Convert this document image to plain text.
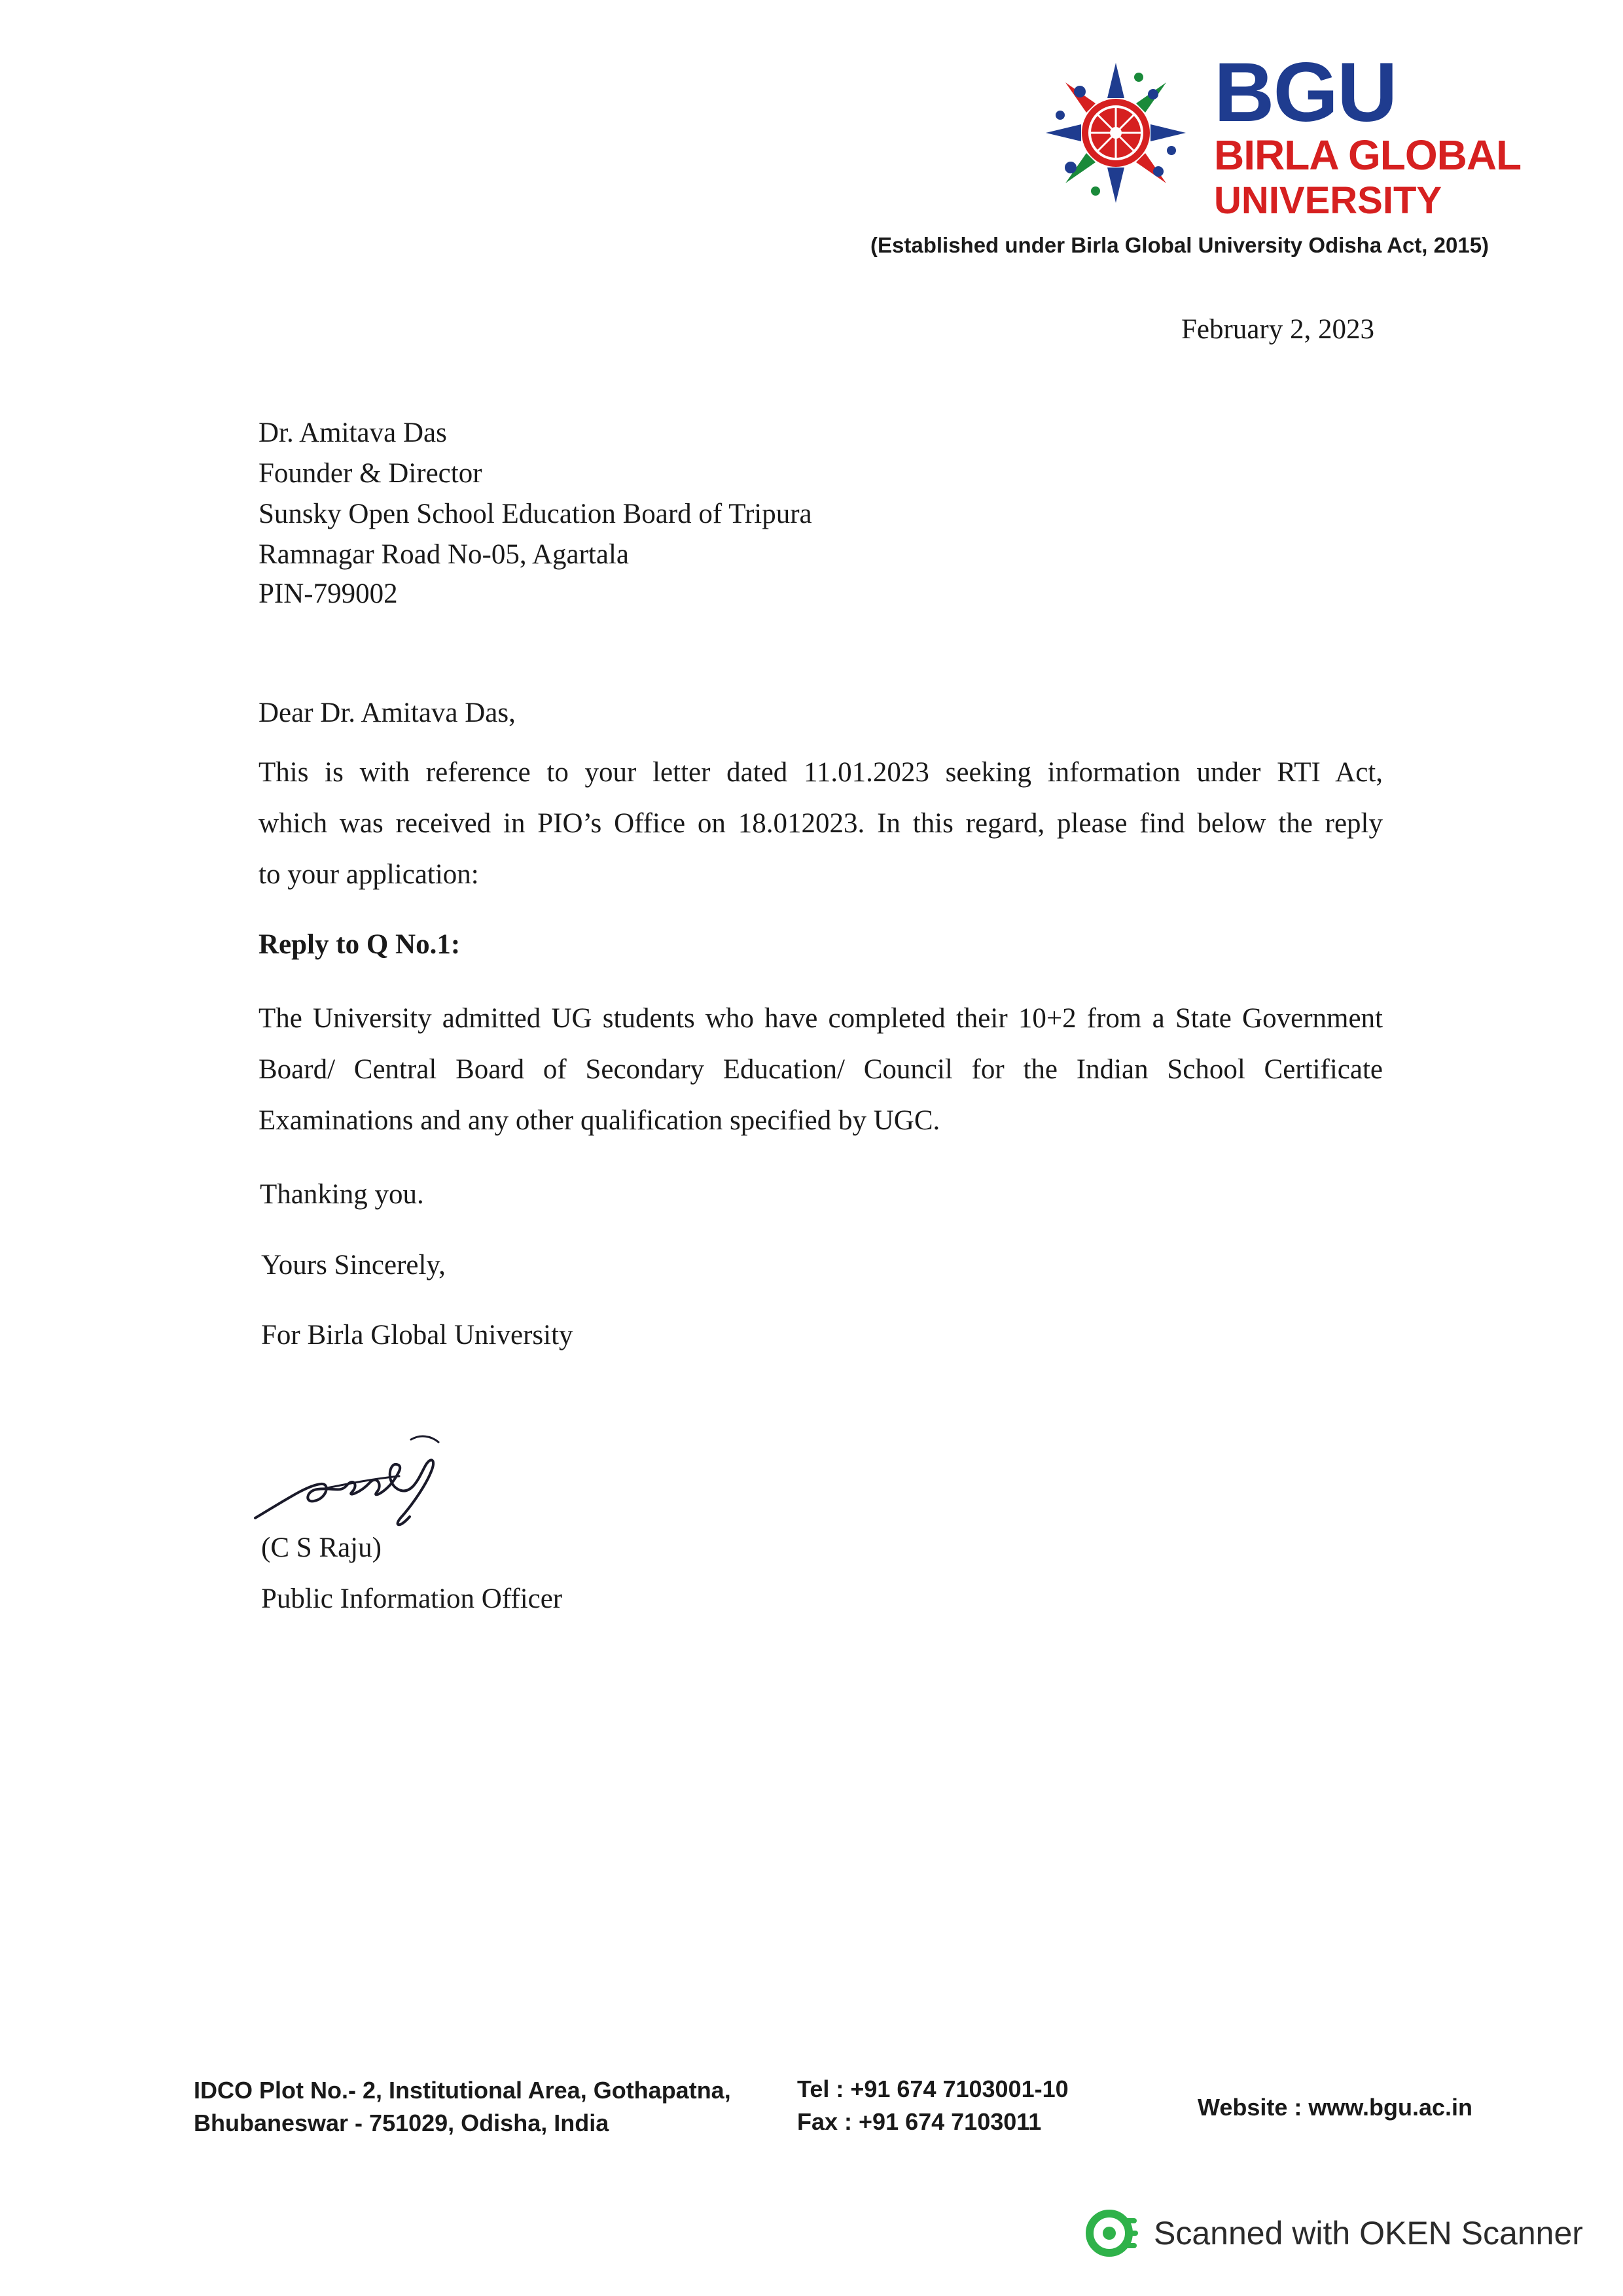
BGU
BIRLA GLOBAL
UNIVERSITY
(Established under Birla Global University Odisha Act, 2015)
February 2, 2023
Dr. Amitava Das
Founder & Director
Sunsky Open School Education Board of Tripura
Ramnagar Road No-05, Agartala
PIN-799002
Dear Dr. Amitava Das,
This is with reference to your letter dated 11.01.2023 seeking information under RTI Act,
which was received in PIO’s Office on 18.012023. In this regard, please find below the reply
to your application:
Reply to Q No.1:
The University admitted UG students who have completed their 10+2 from a State Government
Board/ Central Board of Secondary Education/ Council for the Indian School Certificate
Examinations and any other qualification specified by UGC.
Thanking you.
Yours Sincerely,
For Birla Global University
(C S Raju)
Public Information Officer
IDCO Plot No.- 2, Institutional Area, Gothapatna,
Bhubaneswar - 751029, Odisha, India
Tel : +91 674 7103001-10
Fax : +91 674 7103011
Website : www.bgu.ac.in
Scanned with OKEN Scanner
